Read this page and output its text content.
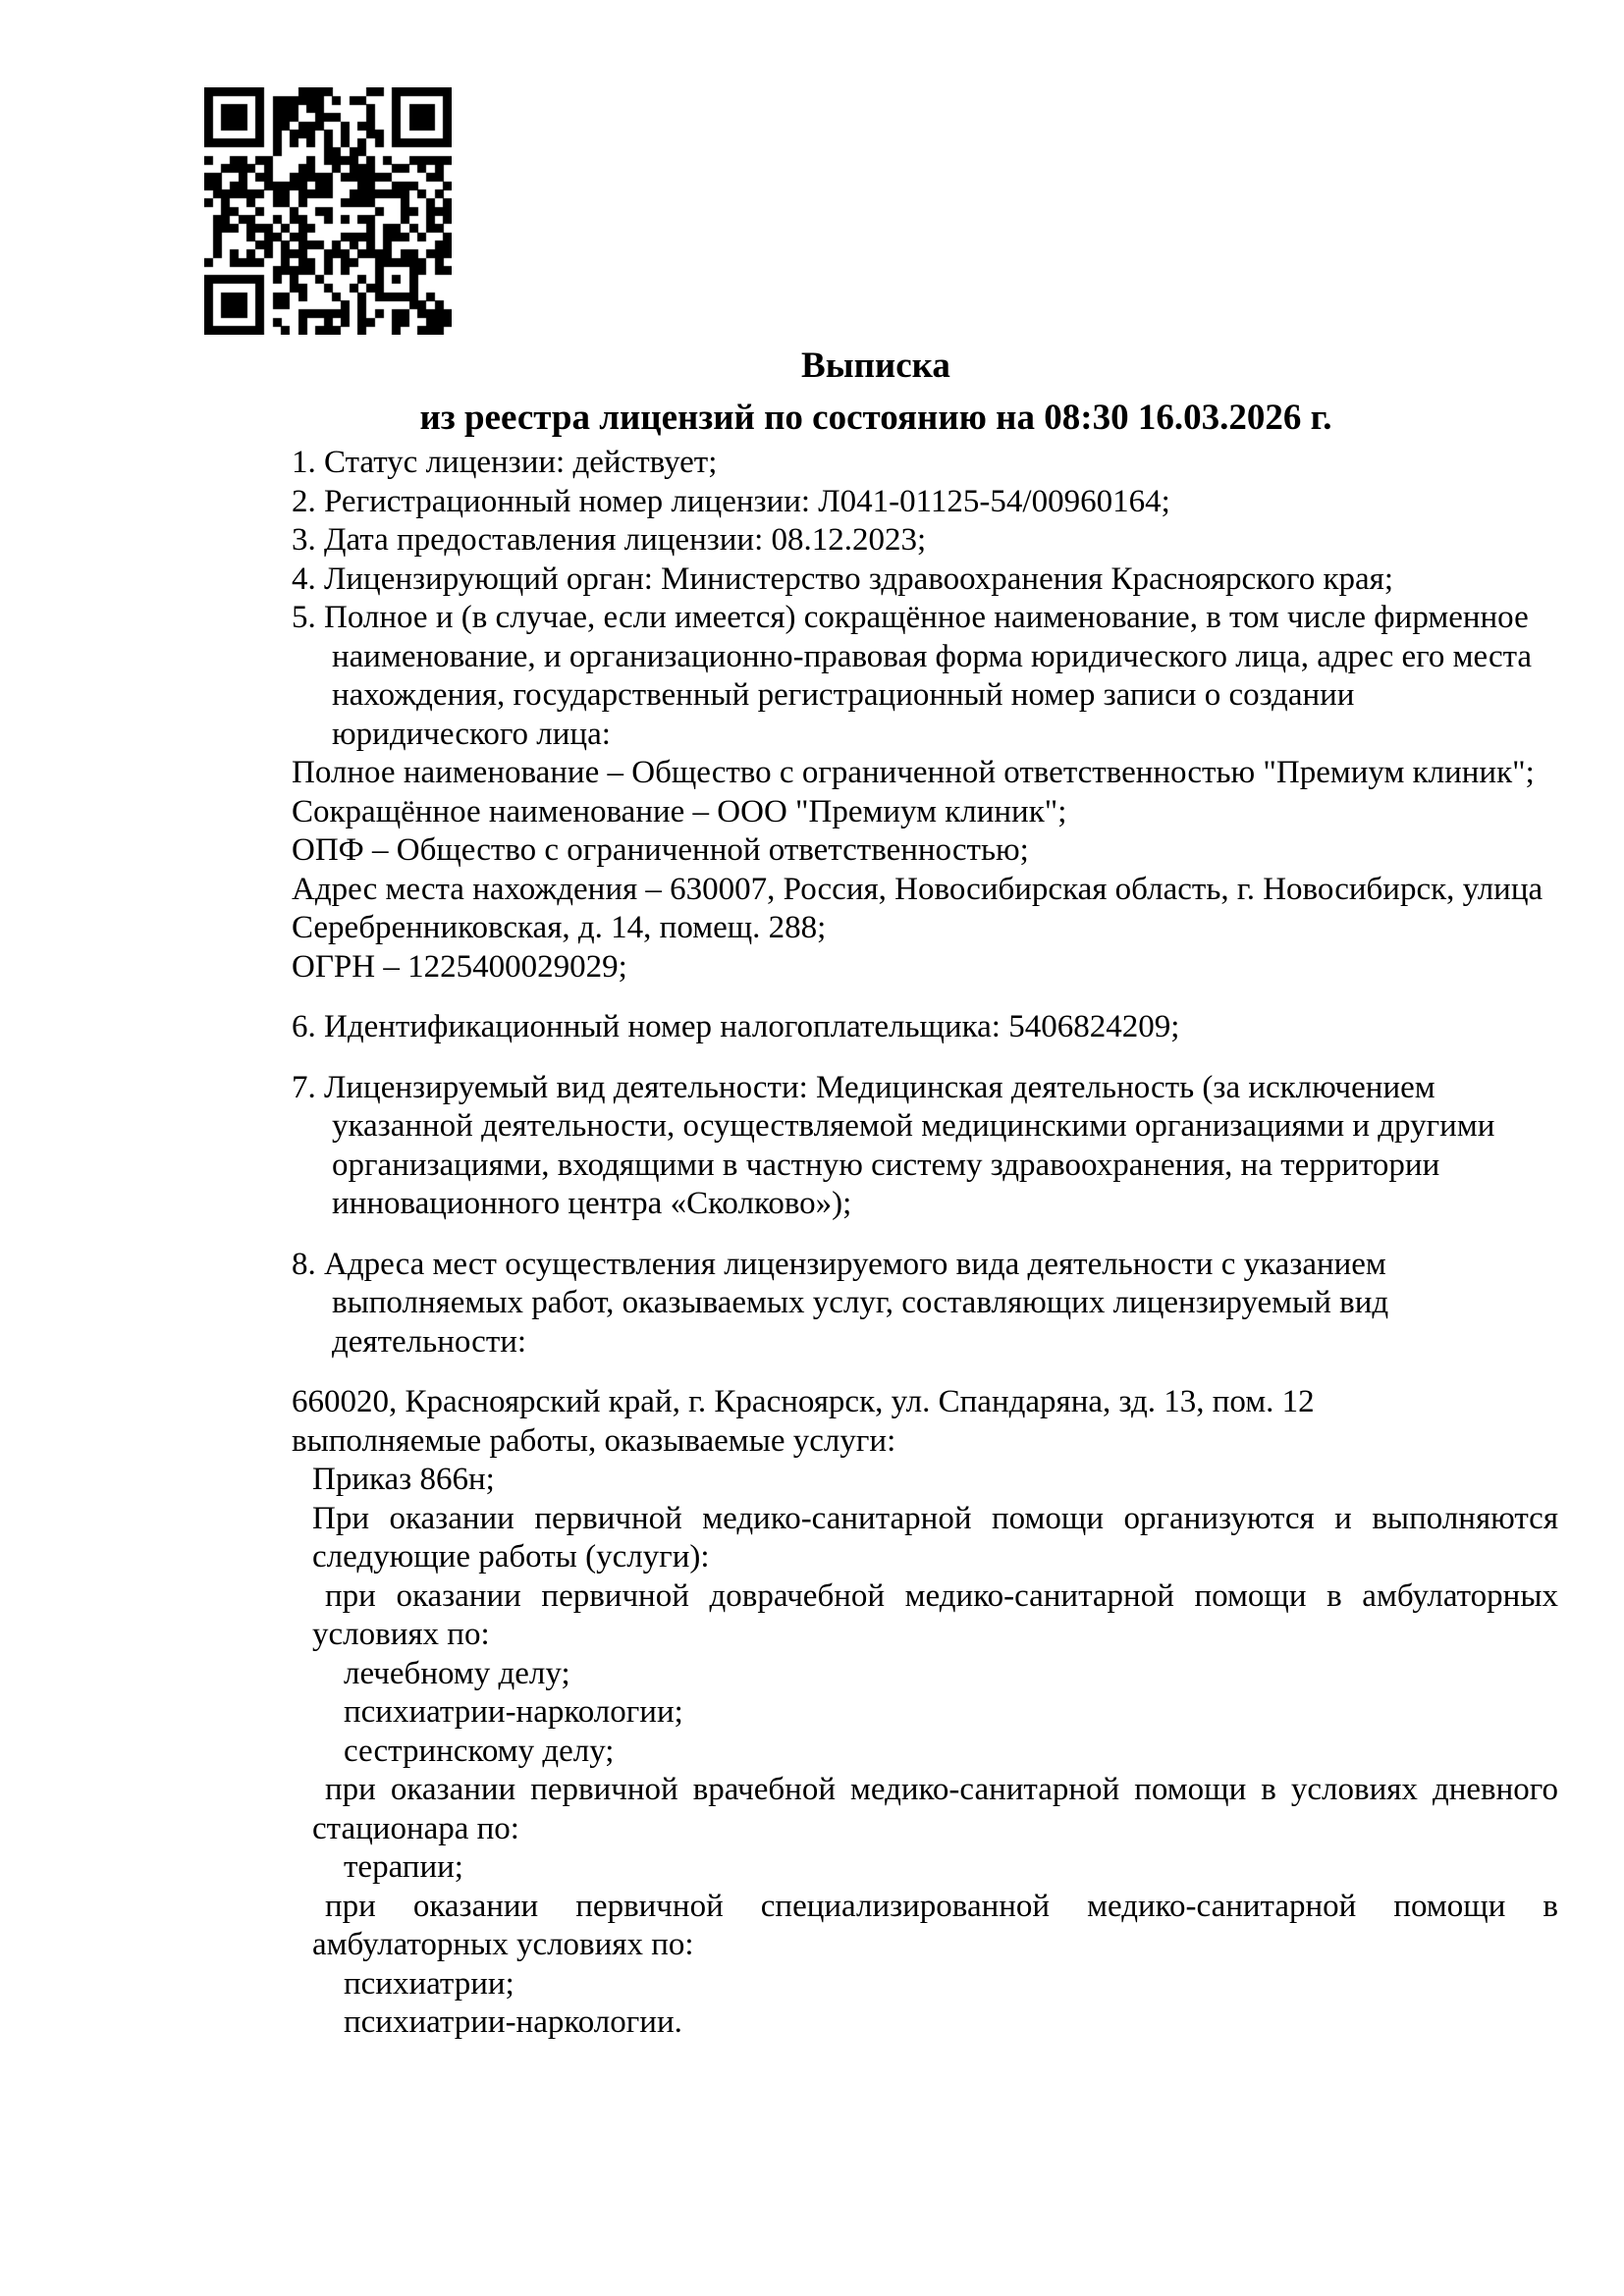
Выписка
из реестра лицензий по состоянию на 08:30 16.03.2026 г.
1. Статус лицензии: действует;
2. Регистрационный номер лицензии: Л041-01125-54/00960164;
3. Дата предоставления лицензии: 08.12.2023;
4. Лицензирующий орган: Министерство здравоохранения Красноярского края;
5. Полное и (в случае, если имеется) сокращённое наименование, в том числе фирменное наименование, и организационно-правовая форма юридического лица, адрес его места нахождения, государственный регистрационный номер записи о создании юридического лица:
Полное наименование – Общество с ограниченной ответственностью "Премиум клиник";
Сокращённое наименование – ООО "Премиум клиник";
ОПФ – Общество с ограниченной ответственностью;
Адрес места нахождения – 630007, Россия, Новосибирская область, г. Новосибирск, улица Серебренниковская, д. 14, помещ. 288;
ОГРН – 1225400029029;
6. Идентификационный номер налогоплательщика: 5406824209;
7. Лицензируемый вид деятельности: Медицинская деятельность (за исключением указанной деятельности, осуществляемой медицинскими организациями и другими организациями, входящими в частную систему здравоохранения, на территории инновационного центра «Сколково»);
8. Адреса мест осуществления лицензируемого вида деятельности с указанием выполняемых работ, оказываемых услуг, составляющих лицензируемый вид деятельности:
660020, Красноярский край, г. Красноярск, ул. Спандаряна, зд. 13, пом. 12
выполняемые работы, оказываемые услуги:
Приказ 866н;
При оказании первичной медико-санитарной помощи организуются и выполняются следующие работы (услуги):
при оказании первичной доврачебной медико-санитарной помощи в амбулаторных условиях по:
лечебному делу;
психиатрии-наркологии;
сестринскому делу;
при оказании первичной врачебной медико-санитарной помощи в условиях дневного стационара по:
терапии;
при оказании первичной специализированной медико-санитарной помощи в амбулаторных условиях по:
психиатрии;
психиатрии-наркологии.
